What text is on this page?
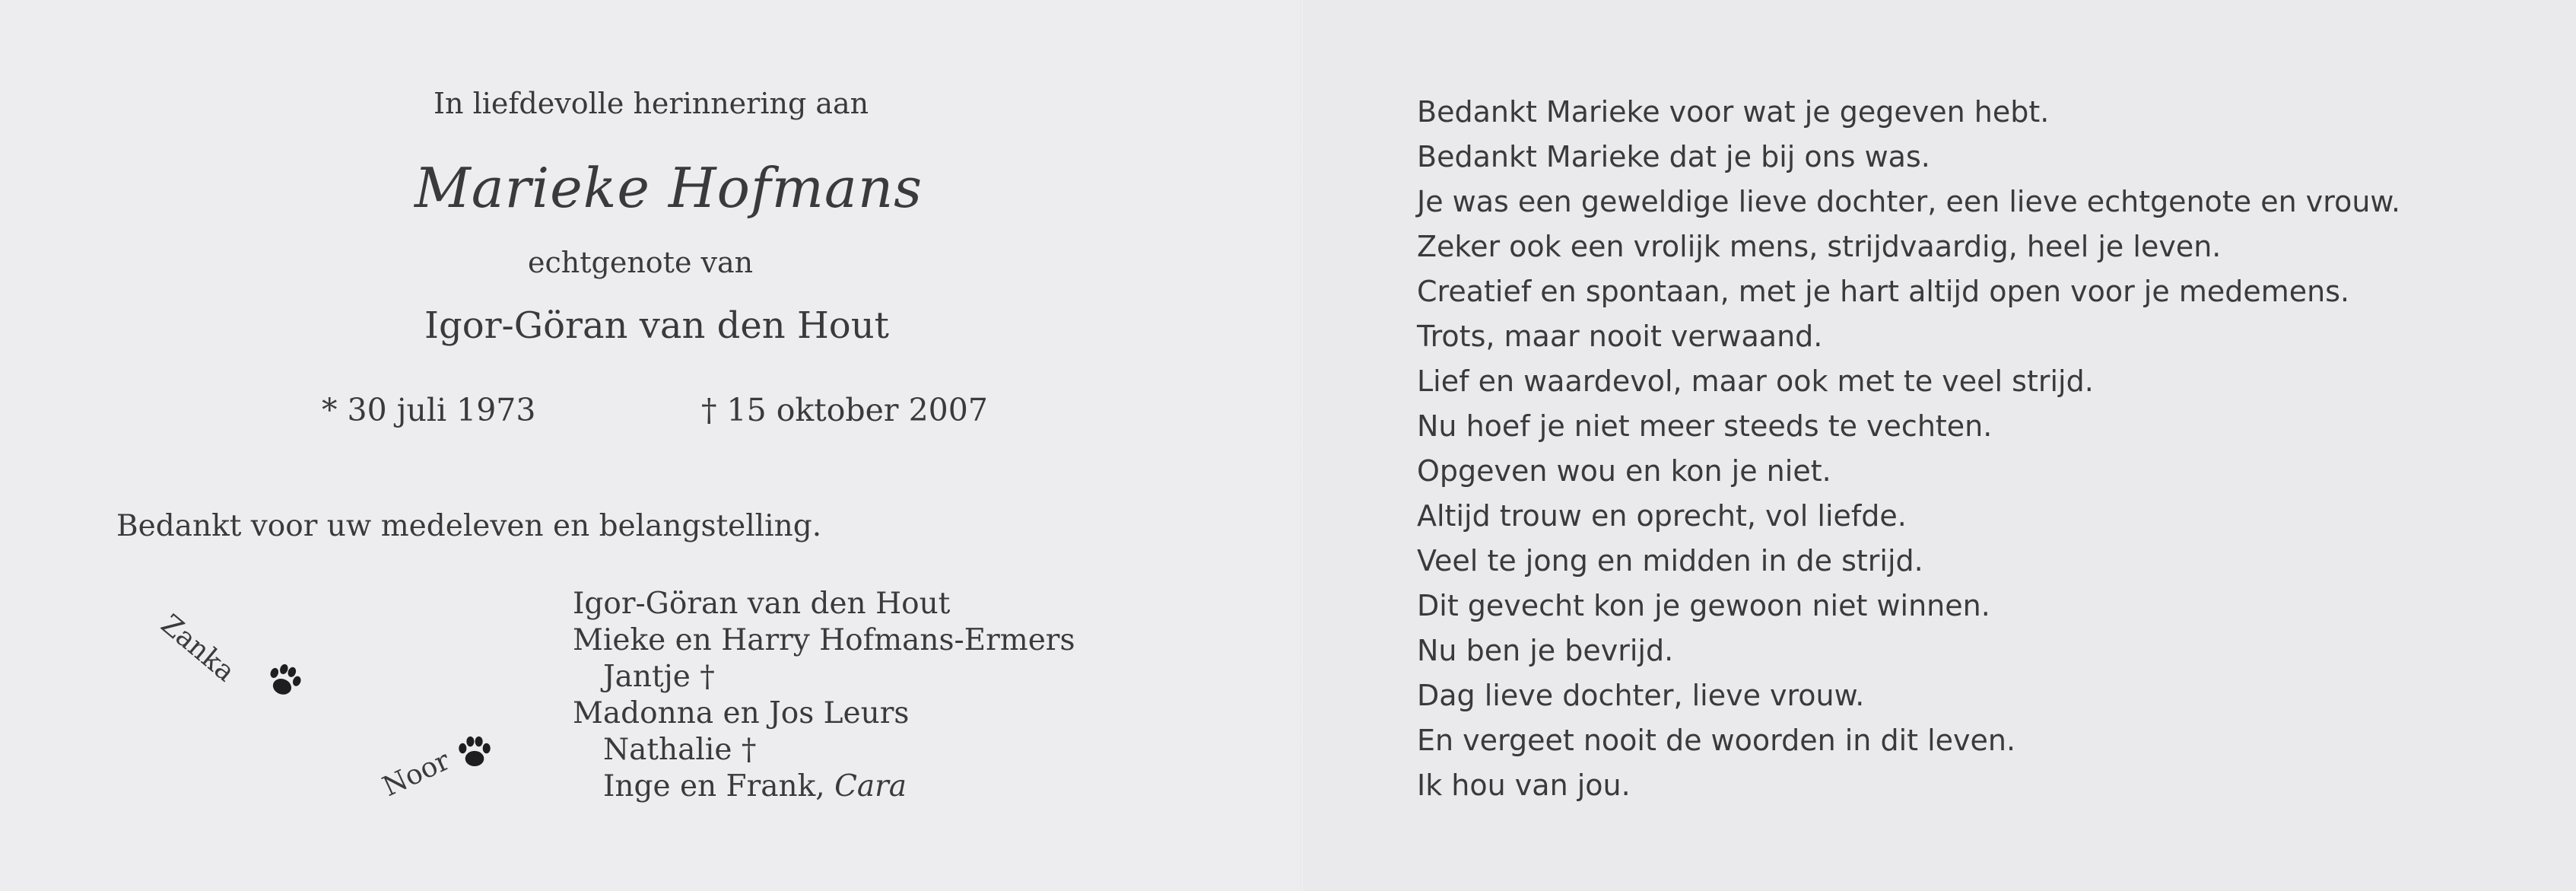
In liefdevolle herinnering aan
Marieke Hofmans
echtgenote van
Igor-Göran van den Hout
* 30 juli 1973	† 15 oktober 2007
Bedankt voor uw medeleven en belangstelling.
Zanka
Noor
Igor-Göran van den Hout
Mieke en Harry Hofmans-Ermers
Jantje †
Madonna en Jos Leurs
Nathalie †
Inge en Frank, Cara
Bedankt Marieke voor wat je gegeven hebt.
Bedankt Marieke dat je bij ons was.
Je was een geweldige lieve dochter, een lieve echtgenote en vrouw.
Zeker ook een vrolijk mens, strijdvaardig, heel je leven.
Creatief en spontaan, met je hart altijd open voor je medemens.
Trots, maar nooit verwaand.
Lief en waardevol, maar ook met te veel strijd.
Nu hoef je niet meer steeds te vechten.
Opgeven wou en kon je niet.
Altijd trouw en oprecht, vol liefde.
Veel te jong en midden in de strijd.
Dit gevecht kon je gewoon niet winnen.
Nu ben je bevrijd.
Dag lieve dochter, lieve vrouw.
En vergeet nooit de woorden in dit leven.
Ik hou van jou.
